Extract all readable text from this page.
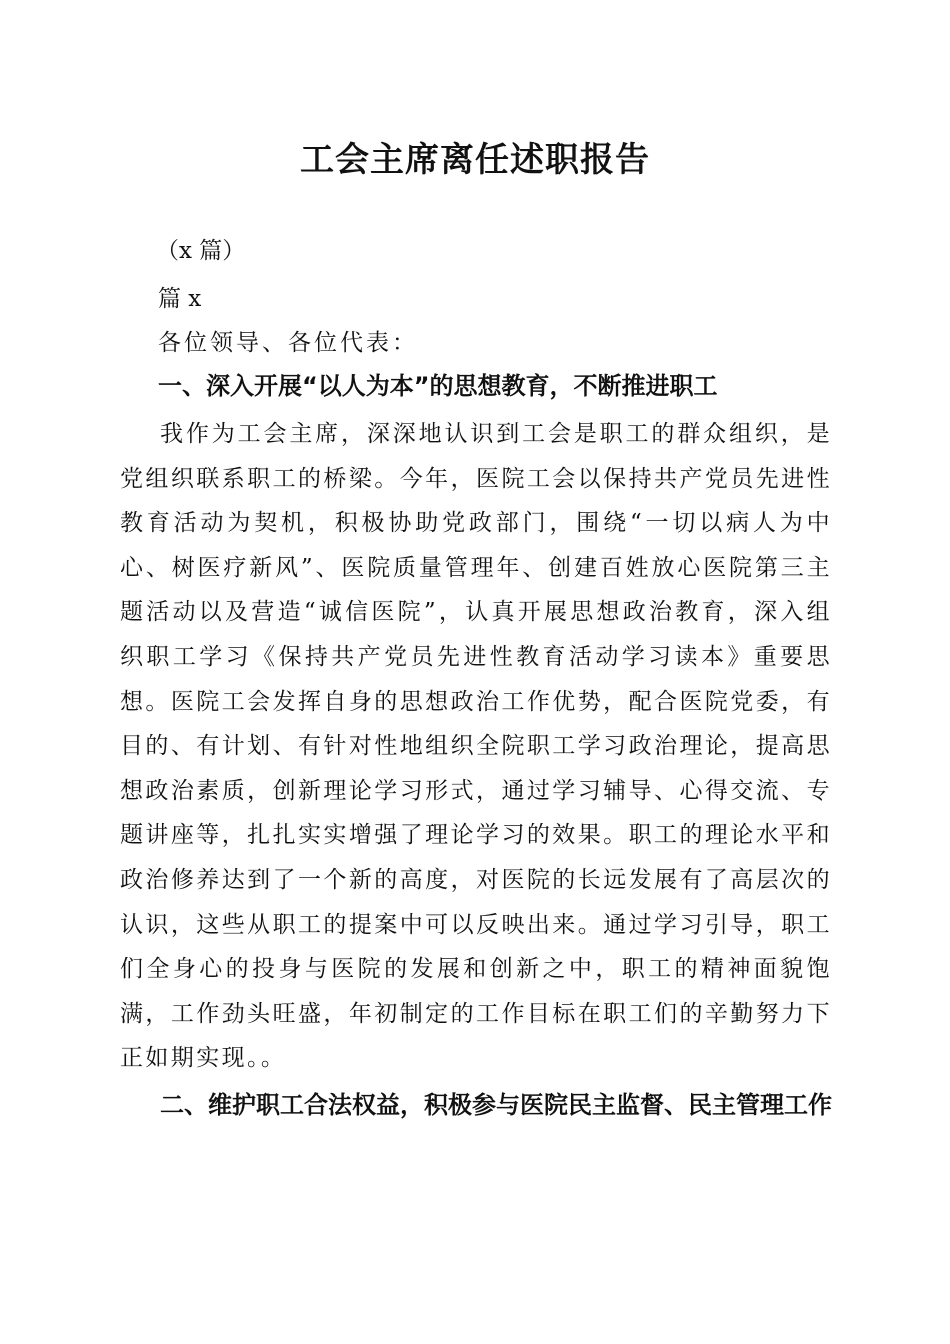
工会主席离任述职报告

（x 篇）

篇 x

各位领导、各位代表：

一、深入开展“以人为本”的思想教育，不断推进职工

我作为工会主席，深深地认识到工会是职工的群众组织，是党组织联系职工的桥梁。今年，医院工会以保持共产党员先进性教育活动为契机，积极协助党政部门，围绕“一切以病人为中心、树医疗新风”、医院质量管理年、创建百姓放心医院第三主题活动以及营造“诚信医院”，认真开展思想政治教育，深入组织职工学习《保持共产党员先进性教育活动学习读本》重要思想。医院工会发挥自身的思想政治工作优势，配合医院党委，有目的、有计划、有针对性地组织全院职工学习政治理论，提高思想政治素质，创新理论学习形式，通过学习辅导、心得交流、专题讲座等，扎扎实实增强了理论学习的效果。职工的理论水平和政治修养达到了一个新的高度，对医院的长远发展有了高层次的认识，这些从职工的提案中可以反映出来。通过学习引导，职工们全身心的投身与医院的发展和创新之中，职工的精神面貌饱满，工作劲头旺盛，年初制定的工作目标在职工们的辛勤努力下正如期实现。。

二、维护职工合法权益，积极参与医院民主监督、民主管理工作
